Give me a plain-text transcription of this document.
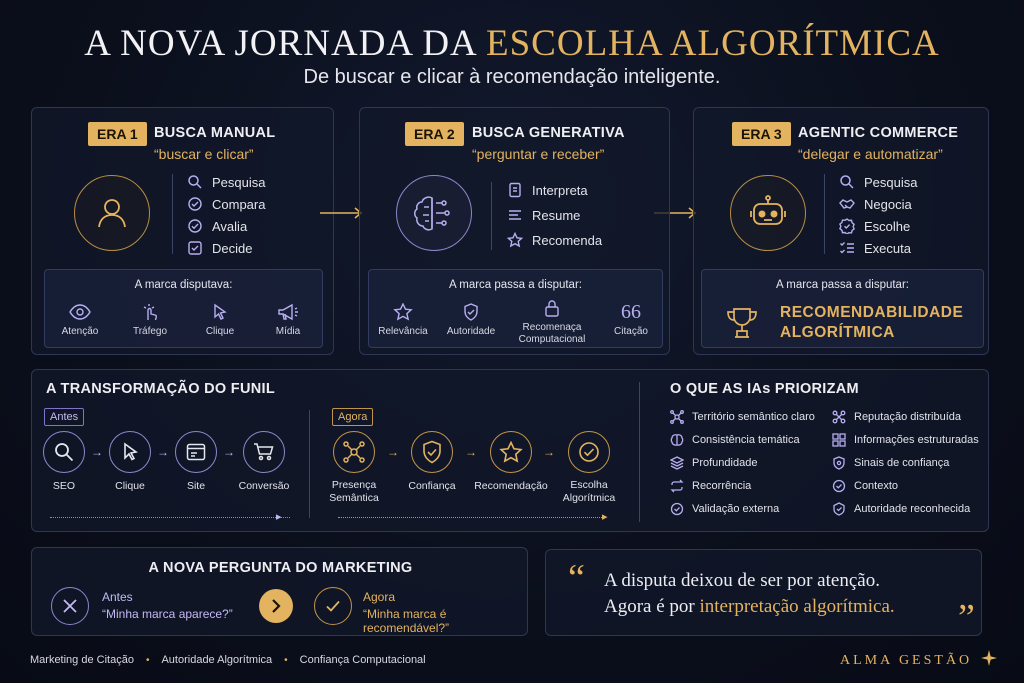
A NOVA JORNADA DA ESCOLHA ALGORÍTMICA
De buscar e clicar à recomendação inteligente.
ERA 1	BUSCA MANUAL
“buscar e clicar”
Pesquisa
Compara
Avalia
Decide
A marca disputava:
Atenção	Tráfego	Clique	Mídia
ERA 2	BUSCA GENERATIVA
“perguntar e receber”
Interpreta
Resume
Recomenda
A marca passa a disputar:
Relevância	Autoridade	Recomenaça Computacional
66
Citação
ERA 3	AGENTIC COMMERCE
“delegar e automatizar”
Pesquisa
Negocia
Escolhe
Executa
A marca passa a disputar:
RECOMENDABILIDADE
ALGORÍTMICA
A TRANSFORMAÇÃO DO FUNIL
Antes
SEO
→
Clique
→
Site
→
Conversão
▸
Agora
Presença Semântica
→
Confiança
→
Recomendação
→
Escolha Algorítmica
▸
O QUE AS IAs PRIORIZAM
Território semântico claro
Consistência temática
Profundidade
Recorrência
Validação externa
Reputação distribuída
Informações estruturadas
Sinais de confiança
Contexto
Autoridade reconhecida
A NOVA PERGUNTA DO MARKETING
Antes
“Minha marca aparece?”
Agora
“Minha marca é recomendável?”
“ A disputa deixou de ser por atenção.
Agora é por interpretação algorítmica. ”
Marketing de Citação • Autoridade Algorítmica • Confiança Computacional	ALMA GESTÃO
